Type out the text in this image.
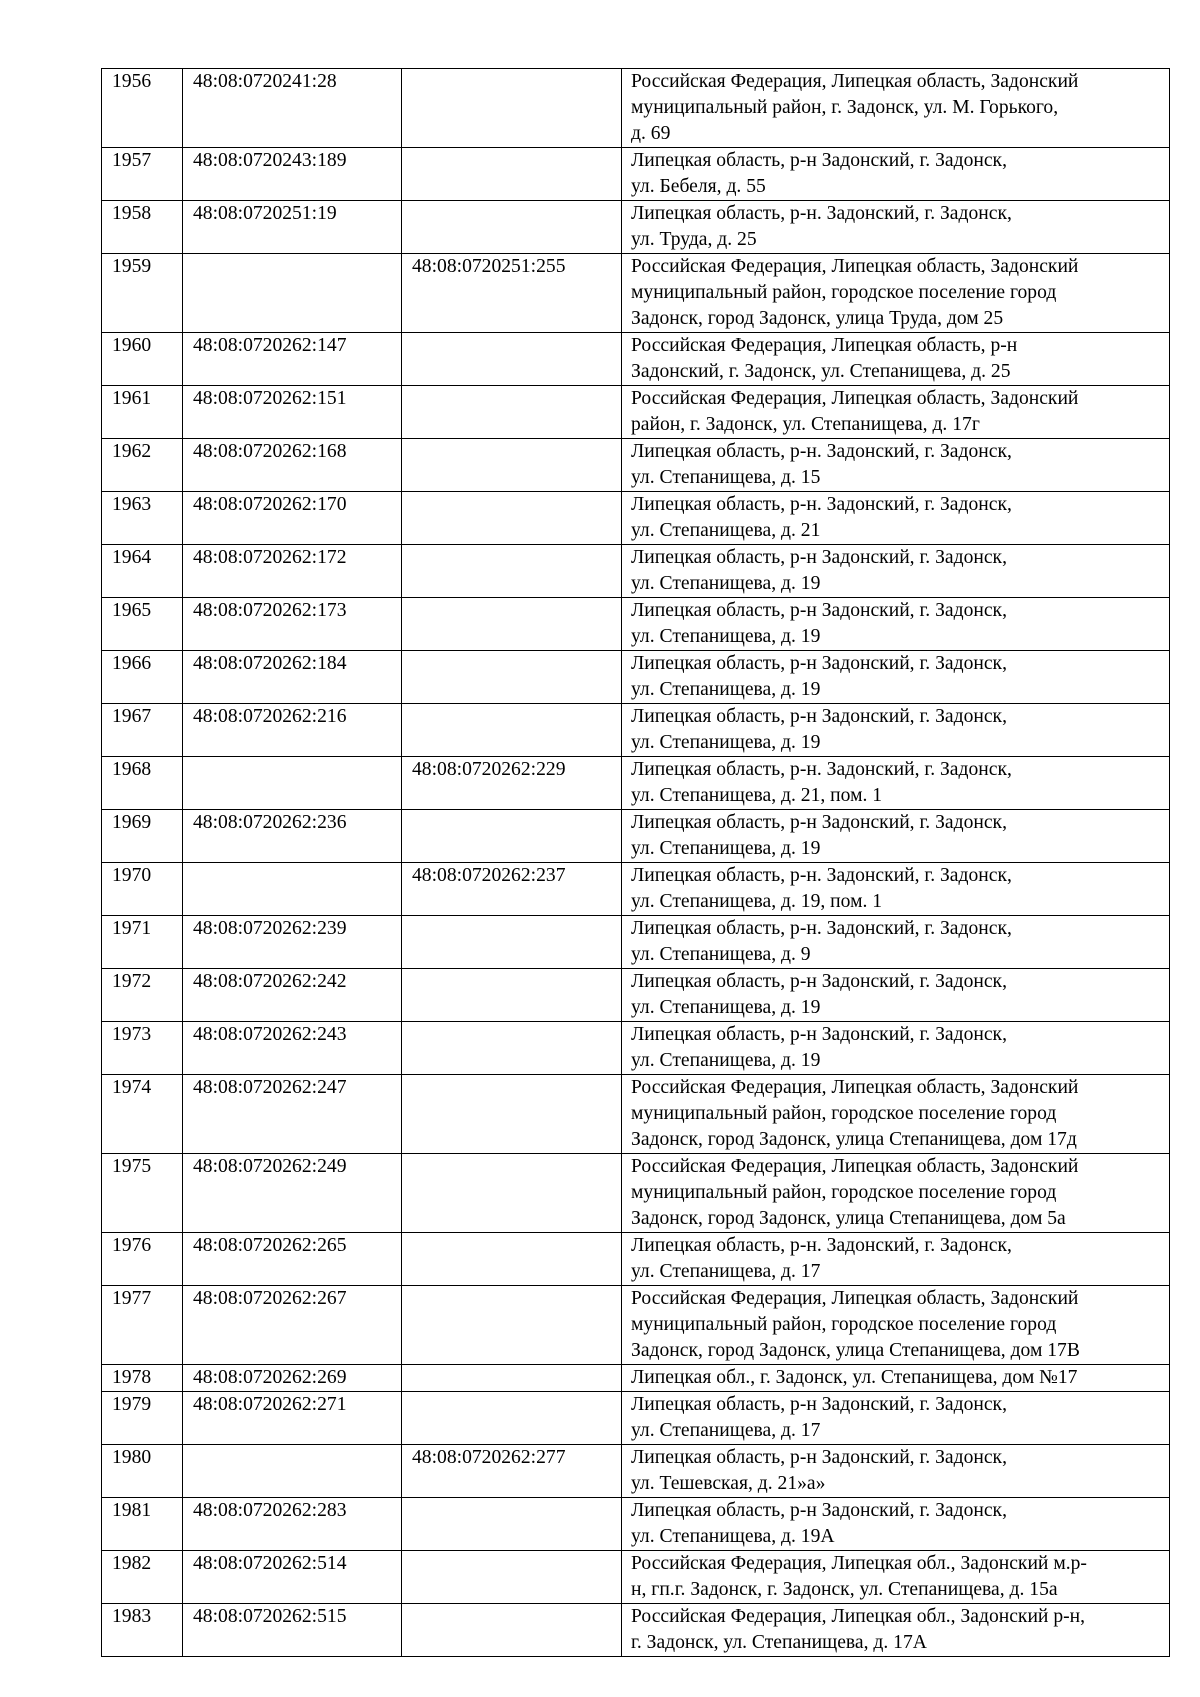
1956	48:08:0720241:28		Российская Федерация, Липецкая область, Задонский
муниципальный район, г. Задонск, ул. М. Горького,
д. 69

1957	48:08:0720243:189		Липецкая область, р-н Задонский, г. Задонск,
ул. Бебеля, д. 55

1958	48:08:0720251:19		Липецкая область, р-н. Задонский, г. Задонск,
ул. Труда, д. 25

1959		48:08:0720251:255	Российская Федерация, Липецкая область, Задонский
муниципальный район, городское поселение город
Задонск, город Задонск, улица Труда, дом 25

1960	48:08:0720262:147		Российская Федерация, Липецкая область, р-н
Задонский, г. Задонск, ул. Степанищева, д. 25

1961	48:08:0720262:151		Российская Федерация, Липецкая область, Задонский
район, г. Задонск, ул. Степанищева, д. 17г

1962	48:08:0720262:168		Липецкая область, р-н. Задонский, г. Задонск,
ул. Степанищева, д. 15

1963	48:08:0720262:170		Липецкая область, р-н. Задонский, г. Задонск,
ул. Степанищева, д. 21

1964	48:08:0720262:172		Липецкая область, р-н Задонский, г. Задонск,
ул. Степанищева, д. 19

1965	48:08:0720262:173		Липецкая область, р-н Задонский, г. Задонск,
ул. Степанищева, д. 19

1966	48:08:0720262:184		Липецкая область, р-н Задонский, г. Задонск,
ул. Степанищева, д. 19

1967	48:08:0720262:216		Липецкая область, р-н Задонский, г. Задонск,
ул. Степанищева, д. 19

1968		48:08:0720262:229	Липецкая область, р-н. Задонский, г. Задонск,
ул. Степанищева, д. 21, пом. 1

1969	48:08:0720262:236		Липецкая область, р-н Задонский, г. Задонск,
ул. Степанищева, д. 19

1970		48:08:0720262:237	Липецкая область, р-н. Задонский, г. Задонск,
ул. Степанищева, д. 19, пом. 1

1971	48:08:0720262:239		Липецкая область, р-н. Задонский, г. Задонск,
ул. Степанищева, д. 9

1972	48:08:0720262:242		Липецкая область, р-н Задонский, г. Задонск,
ул. Степанищева, д. 19

1973	48:08:0720262:243		Липецкая область, р-н Задонский, г. Задонск,
ул. Степанищева, д. 19

1974	48:08:0720262:247		Российская Федерация, Липецкая область, Задонский
муниципальный район, городское поселение город
Задонск, город Задонск, улица Степанищева, дом 17д

1975	48:08:0720262:249		Российская Федерация, Липецкая область, Задонский
муниципальный район, городское поселение город
Задонск, город Задонск, улица Степанищева, дом 5а

1976	48:08:0720262:265		Липецкая область, р-н. Задонский, г. Задонск,
ул. Степанищева, д. 17

1977	48:08:0720262:267		Российская Федерация, Липецкая область, Задонский
муниципальный район, городское поселение город
Задонск, город Задонск, улица Степанищева, дом 17В

1978	48:08:0720262:269		Липецкая обл., г. Задонск, ул. Степанищева, дом №17

1979	48:08:0720262:271		Липецкая область, р-н Задонский, г. Задонск,
ул. Степанищева, д. 17

1980		48:08:0720262:277	Липецкая область, р-н Задонский, г. Задонск,
ул. Тешевская, д. 21»а»

1981	48:08:0720262:283		Липецкая область, р-н Задонский, г. Задонск,
ул. Степанищева, д. 19А

1982	48:08:0720262:514		Российская Федерация, Липецкая обл., Задонский м.р-
н, гп.г. Задонск, г. Задонск, ул. Степанищева, д. 15а

1983	48:08:0720262:515		Российская Федерация, Липецкая обл., Задонский р-н,
г. Задонск, ул. Степанищева, д. 17А
